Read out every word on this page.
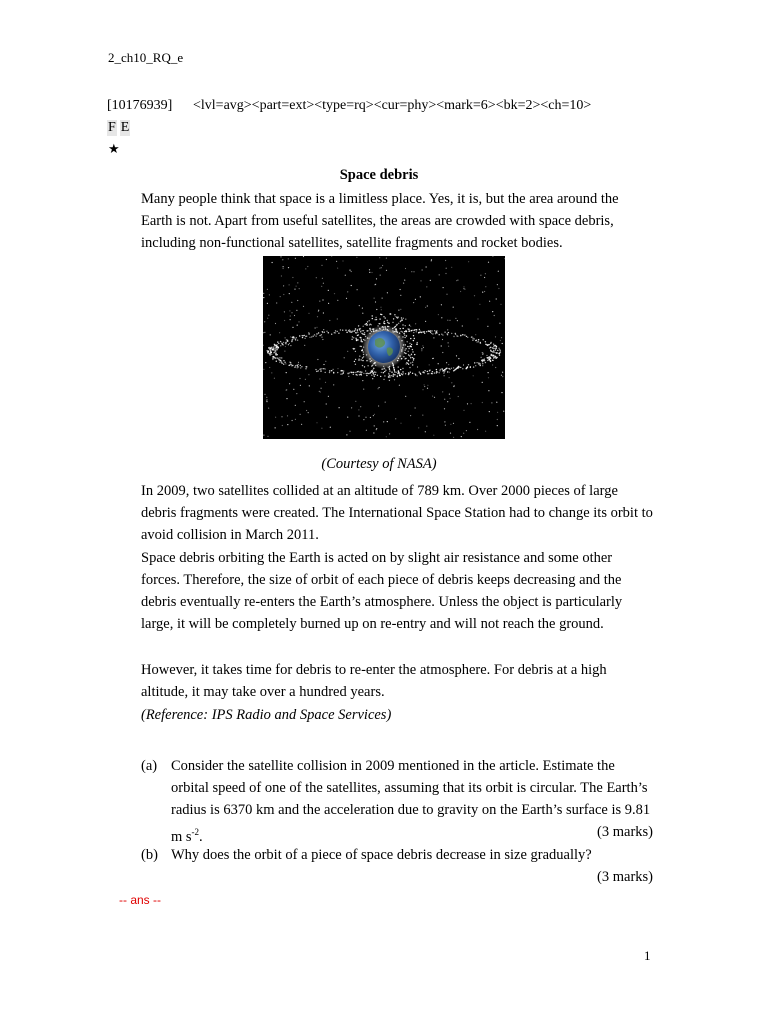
2_ch10_RQ_e
[10176939] <lvl=avg><part=ext><type=rq><cur=phy><mark=6><bk=2><ch=10>
F E
★
Space debris
Many people think that space is a limitless place. Yes, it is, but the area around the Earth is not. Apart from useful satellites, the areas are crowded with space debris, including non-functional satellites, satellite fragments and rocket bodies.
(Courtesy of NASA)
In 2009, two satellites collided at an altitude of 789 km. Over 2000 pieces of large debris fragments were created. The International Space Station had to change its orbit to avoid collision in March 2011.
Space debris orbiting the Earth is acted on by slight air resistance and some other forces. Therefore, the size of orbit of each piece of debris keeps decreasing and the debris eventually re-enters the Earth’s atmosphere. Unless the object is particularly large, it will be completely burned up on re-entry and will not reach the ground.
However, it takes time for debris to re-enter the atmosphere. For debris at a high altitude, it may take over a hundred years.
(Reference: IPS Radio and Space Services)
(a) Consider the satellite collision in 2009 mentioned in the article. Estimate the orbital speed of one of the satellites, assuming that its orbit is circular. The Earth’s radius is 6370 km and the acceleration due to gravity on the Earth’s surface is 9.81 m $s^{-2}$.	(3 marks)
(b) Why does the orbit of a piece of space debris decrease in size gradually?

(3 marks)
-- ans --
1
